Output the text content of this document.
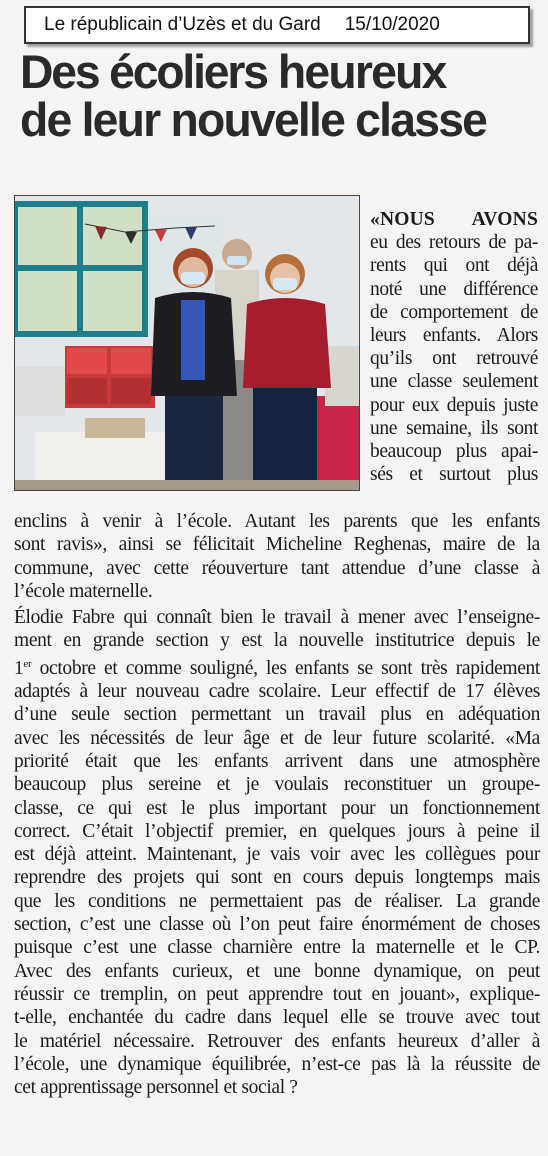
Le républicain d’Uzès et du Gard 15/10/2020
Des écoliers heureux
de leur nouvelle classe
«NOUS AVONS
eu des retours de pa-
rents qui ont déjà
noté une différence
de comportement de
leurs enfants. Alors
qu’ils ont retrouvé
une classe seulement
pour eux depuis juste
une semaine, ils sont
beaucoup plus apai-
sés et surtout plus
enclins à venir à l’école. Autant les parents que les enfants
sont ravis», ainsi se félicitait Micheline Reghenas, maire de la
commune, avec cette réouverture tant attendue d’une classe à
l’école maternelle.
Élodie Fabre qui connaît bien le travail à mener avec l’enseigne-
ment en grande section y est la nouvelle institutrice depuis le
1er octobre et comme souligné, les enfants se sont très rapidement
adaptés à leur nouveau cadre scolaire. Leur effectif de 17 élèves
d’une seule section permettant un travail plus en adéquation
avec les nécessités de leur âge et de leur future scolarité. «Ma
priorité était que les enfants arrivent dans une atmosphère
beaucoup plus sereine et je voulais reconstituer un groupe-
classe, ce qui est le plus important pour un fonctionnement
correct. C’était l’objectif premier, en quelques jours à peine il
est déjà atteint. Maintenant, je vais voir avec les collègues pour
reprendre des projets qui sont en cours depuis longtemps mais
que les conditions ne permettaient pas de réaliser. La grande
section, c’est une classe où l’on peut faire énormément de choses
puisque c’est une classe charnière entre la maternelle et le CP.
Avec des enfants curieux, et une bonne dynamique, on peut
réussir ce tremplin, on peut apprendre tout en jouant», explique-
t-elle, enchantée du cadre dans lequel elle se trouve avec tout
le matériel nécessaire. Retrouver des enfants heureux d’aller à
l’école, une dynamique équilibrée, n’est-ce pas là la réussite de
cet apprentissage personnel et social ?
